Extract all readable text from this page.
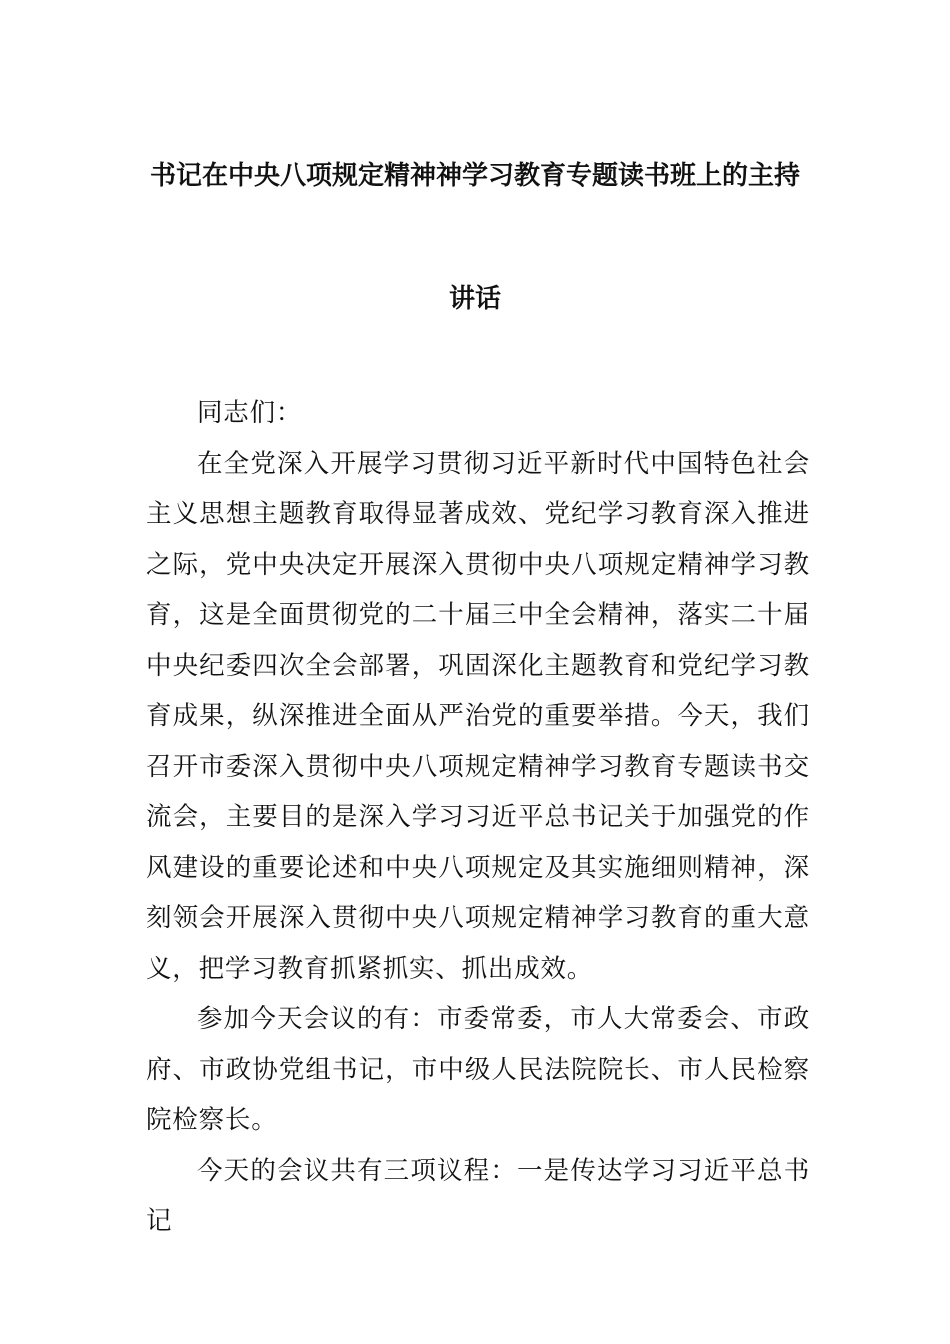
书记在中央八项规定精神神学习教育专题读书班上的主持
讲话

同志们：

在全党深入开展学习贯彻习近平新时代中国特色社会主义思想主题教育取得显著成效、党纪学习教育深入推进之际，党中央决定开展深入贯彻中央八项规定精神学习教育，这是全面贯彻党的二十届三中全会精神，落实二十届中央纪委四次全会部署，巩固深化主题教育和党纪学习教育成果，纵深推进全面从严治党的重要举措。今天，我们召开市委深入贯彻中央八项规定精神学习教育专题读书交流会，主要目的是深入学习习近平总书记关于加强党的作风建设的重要论述和中央八项规定及其实施细则精神，深刻领会开展深入贯彻中央八项规定精神学习教育的重大意义，把学习教育抓紧抓实、抓出成效。

参加今天会议的有：市委常委，市人大常委会、市政府、市政协党组书记，市中级人民法院院长、市人民检察院检察长。

今天的会议共有三项议程：一是传达学习习近平总书记
